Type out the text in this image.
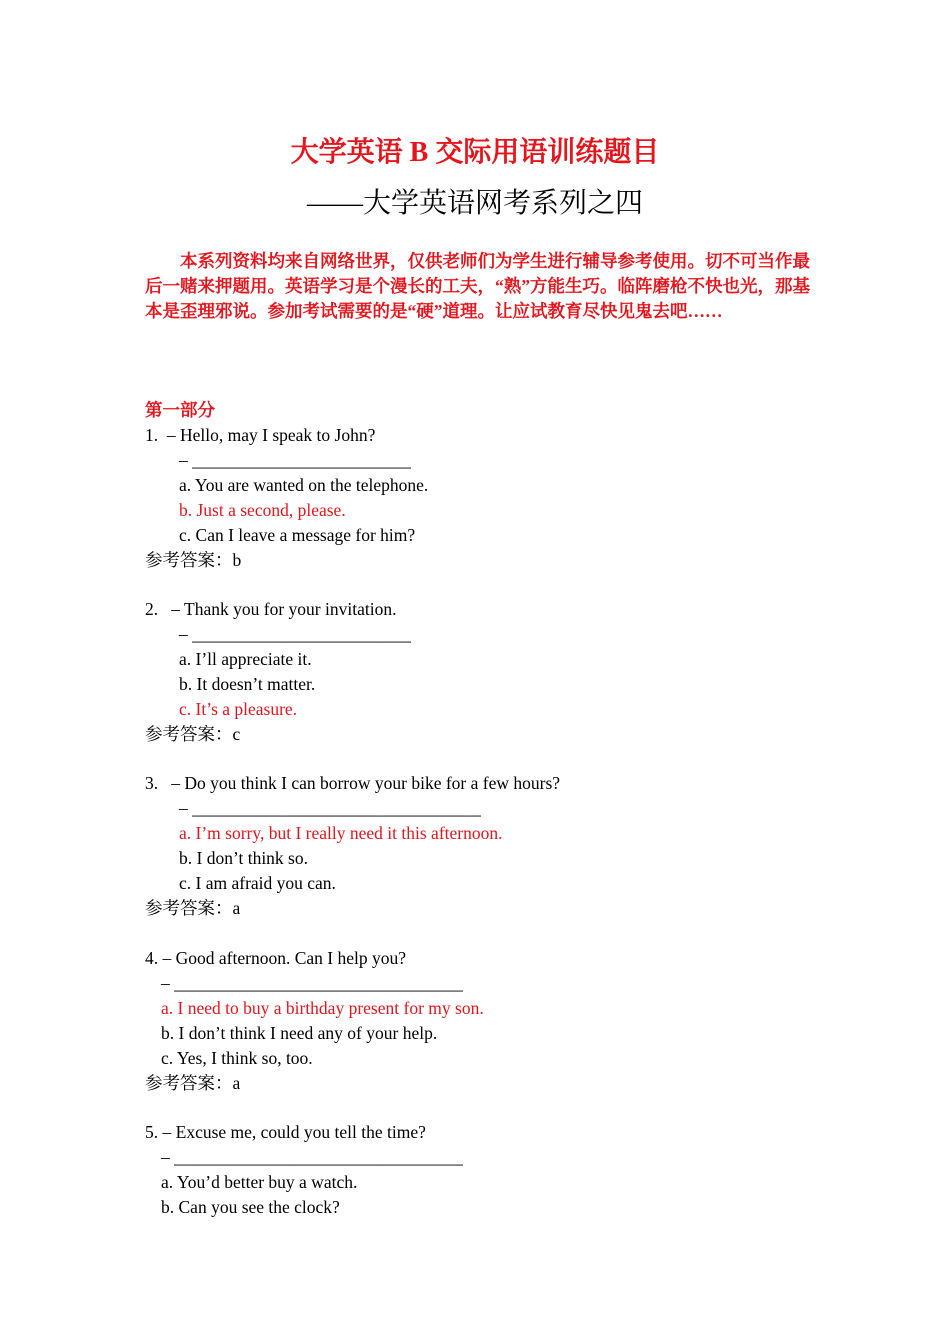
大学英语 B 交际用语训练题目
——大学英语网考系列之四
本系列资料均来自网络世界，仅供老师们为学生进行辅导参考使用。切不可当作最后一赌来押题用。英语学习是个漫长的工夫，“熟”方能生巧。临阵磨枪不快也光，那基本是歪理邪说。参加考试需要的是“硬”道理。让应试教育尽快见鬼去吧……
第一部分
1.  – Hello, may I speak to John?
– _________________________
a. You are wanted on the telephone.
b. Just a second, please.
c. Can I leave a message for him?
参考答案：b
2.   – Thank you for your invitation.
– _________________________
a. I’ll appreciate it.
b. It doesn’t matter.
c. It’s a pleasure.
参考答案：c
3.   – Do you think I can borrow your bike for a few hours?
– _________________________________
a. I’m sorry, but I really need it this afternoon.
b. I don’t think so.
c. I am afraid you can.
参考答案：a
4. – Good afternoon. Can I help you?
– _________________________________
a. I need to buy a birthday present for my son.
b. I don’t think I need any of your help.
c. Yes, I think so, too.
参考答案：a
5. – Excuse me, could you tell the time?
– _________________________________
a. You’d better buy a watch.
b. Can you see the clock?
